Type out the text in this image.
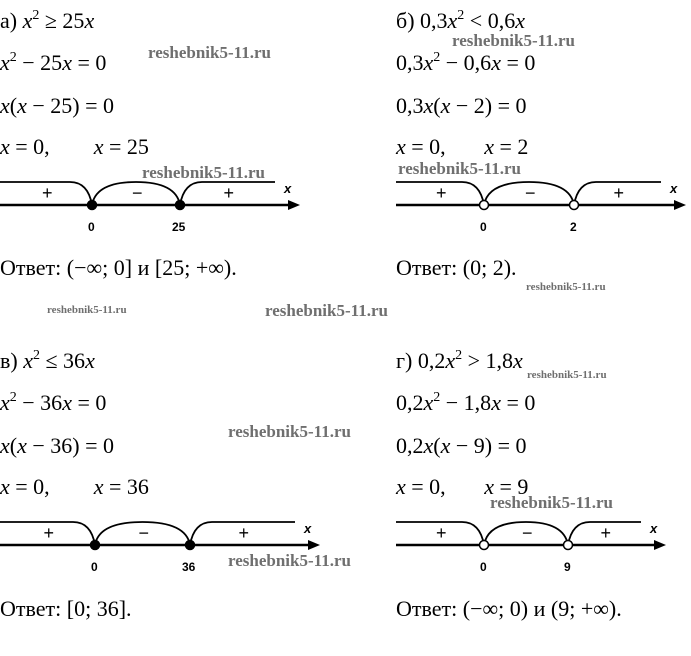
а) $x^2 \ge 25x$
$x^2 - 25x = 0$
x(x − 25) = 0
x = 0,        x = 25
+	−	+	x
0	25
Ответ: (−∞; 0] и [25; +∞).
б) $0,3x^2 < 0,6x$
$0,3x^2 - 0,6x = 0$
0,3x(x − 2) = 0
x = 0,       x = 2
+	−	+	x
0	2
Ответ: (0; 2).
в) $x^2 \le 36x$
$x^2 - 36x = 0$
x(x − 36) = 0
x = 0,        x = 36
+	−	+	x
0	36
Ответ: [0; 36].
г) $0,2x^2 > 1,8x$
$0,2x^2 - 1,8x = 0$
0,2x(x − 9) = 0
x = 0,       x = 9
+	−	+	x
0	9
Ответ: (−∞; 0) и (9; +∞).
reshebnik5-11.ru
reshebnik5-11.ru
reshebnik5-11.ru	reshebnik5-11.ru
reshebnik5-11.ru
reshebnik5-11.ru	reshebnik5-11.ru
reshebnik5-11.ru
reshebnik5-11.ru
reshebnik5-11.ru
reshebnik5-11.ru
